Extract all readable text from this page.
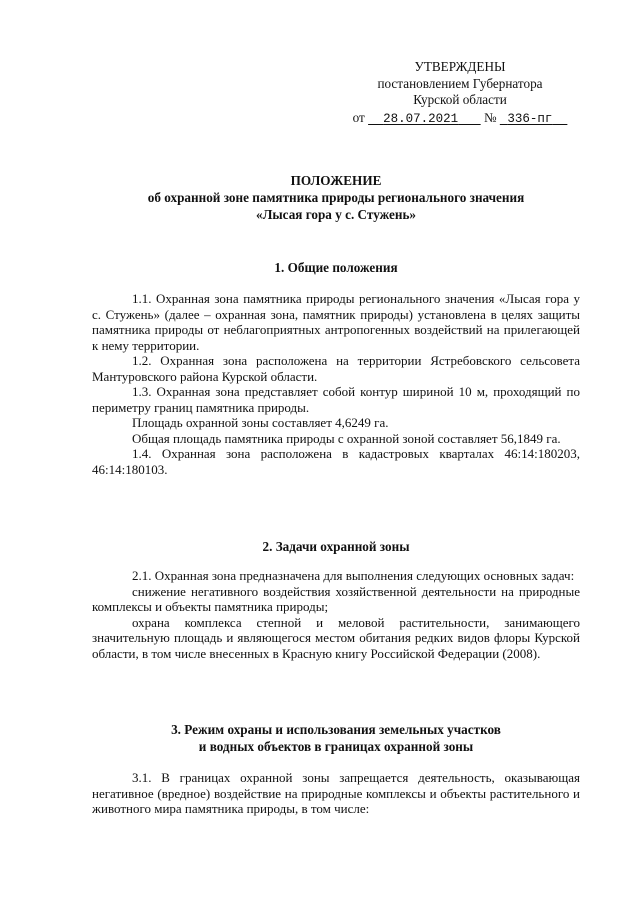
УТВЕРЖДЕНЫ
постановлением Губернатора
Курской области
от 28.07.2021 № 336-пг
ПОЛОЖЕНИЕ
об охранной зоне памятника природы регионального значения
«Лысая гора у с. Стужень»
1. Общие положения

1.1. Охранная зона памятника природы регионального значения «Лысая гора у с. Стужень» (далее – охранная зона, памятник природы) установлена в целях защиты памятника природы от неблагоприятных антропогенных воздействий на прилегающей к нему территории.

1.2. Охранная зона расположена на территории Ястребовского сельсовета Мантуровского района Курской области.

1.3. Охранная зона представляет собой контур шириной 10 м, проходящий по периметру границ памятника природы.

Площадь охранной зоны составляет 4,6249 га.

Общая площадь памятника природы с охранной зоной составляет 56,1849 га.

1.4. Охранная зона расположена в кадастровых кварталах 46:14:180203, 46:14:180103.

2. Задачи охранной зоны

2.1. Охранная зона предназначена для выполнения следующих основных задач:

снижение негативного воздействия хозяйственной деятельности на природные комплексы и объекты памятника природы;

охрана комплекса степной и меловой растительности, занимающего значительную площадь и являющегося местом обитания редких видов флоры Курской области, в том числе внесенных в Красную книгу Российской Федерации (2008).

3. Режим охраны и использования земельных участков
и водных объектов в границах охранной зоны

3.1. В границах охранной зоны запрещается деятельность, оказывающая негативное (вредное) воздействие на природные комплексы и объекты растительного и животного мира памятника природы, в том числе:
